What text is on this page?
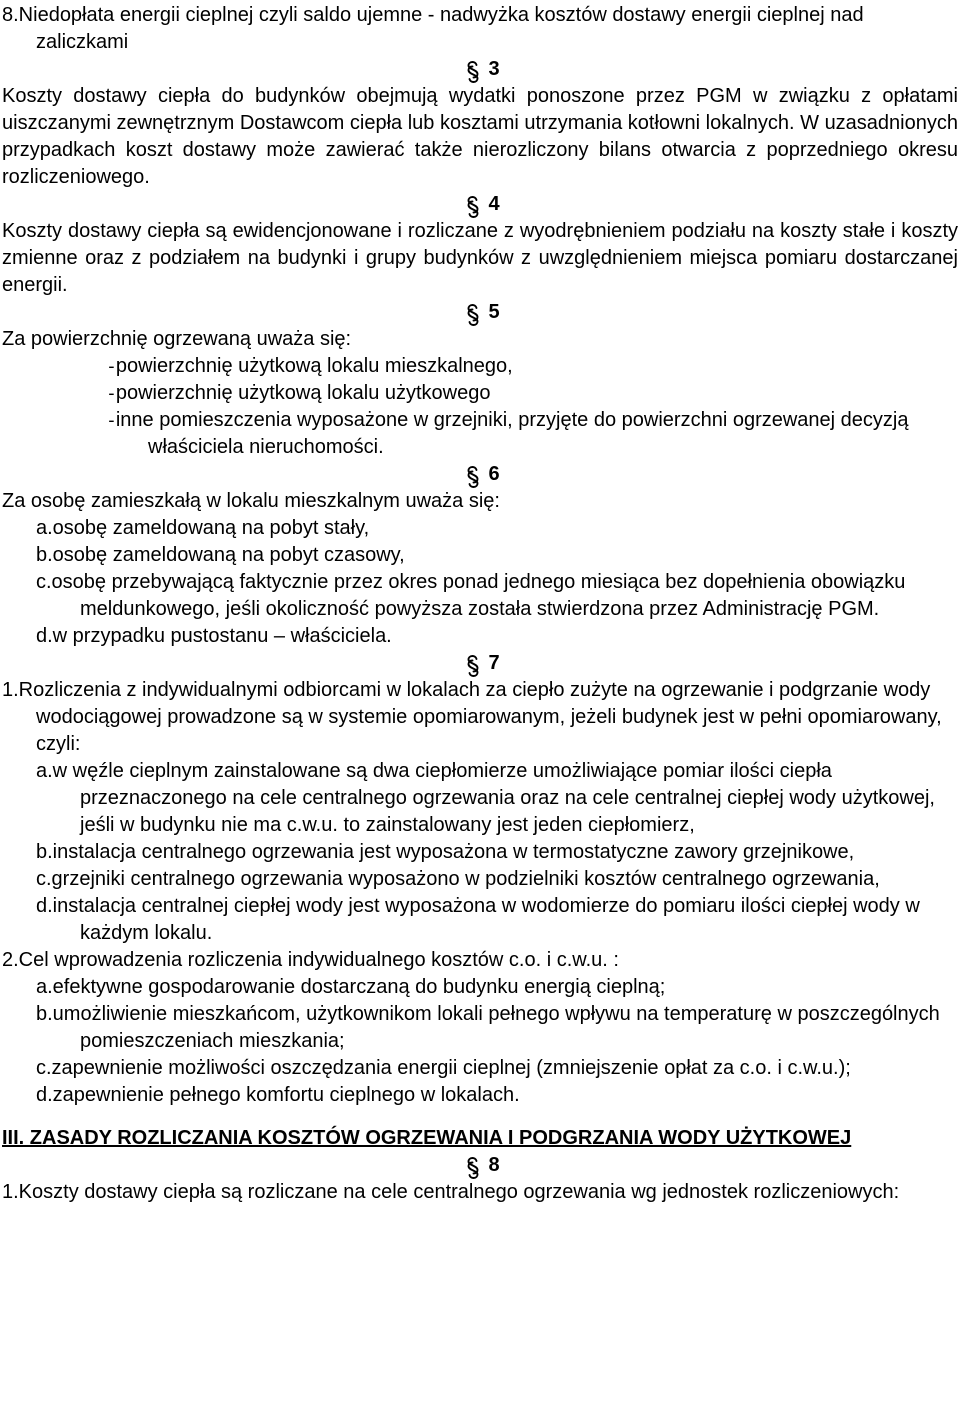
8.Niedopłata energii cieplnej czyli saldo ujemne - nadwyżka kosztów dostawy energii cieplnej nad zaliczkami
3
Koszty dostawy ciepła do budynków obejmują wydatki ponoszone przez PGM w związku z opłatami uiszczanymi zewnętrznym Dostawcom ciepła lub kosztami utrzymania kotłowni lokalnych. W uzasadnionych przypadkach koszt dostawy może zawierać także nierozliczony bilans otwarcia z poprzedniego okresu rozliczeniowego.
4
Koszty dostawy ciepła są ewidencjonowane i rozliczane z wyodrębnieniem podziału na koszty stałe i koszty zmienne oraz z podziałem na budynki i grupy budynków z uwzględnieniem miejsca pomiaru dostarczanej energii.
5
Za powierzchnię ogrzewaną uważa się:
-powierzchnię użytkową lokalu mieszkalnego,
-powierzchnię użytkową lokalu użytkowego
-inne pomieszczenia wyposażone w grzejniki, przyjęte do powierzchni ogrzewanej decyzją właściciela nieruchomości.
6
Za osobę zamieszkałą w lokalu mieszkalnym uważa się:
a.osobę zameldowaną na pobyt stały,
b.osobę zameldowaną na pobyt czasowy,
c.osobę przebywającą faktycznie przez okres ponad jednego miesiąca bez dopełnienia obowiązku meldunkowego, jeśli okoliczność powyższa została stwierdzona przez Administrację PGM.
d.w przypadku pustostanu – właściciela.
7
1.Rozliczenia z indywidualnymi odbiorcami w lokalach za ciepło zużyte na ogrzewanie i podgrzanie wody wodociągowej prowadzone są w systemie opomiarowanym, jeżeli budynek jest w pełni opomiarowany, czyli:
a.w węźle cieplnym zainstalowane są dwa ciepłomierze umożliwiające pomiar ilości ciepła przeznaczonego na cele centralnego ogrzewania oraz na cele centralnej ciepłej wody użytkowej, jeśli w budynku nie ma c.w.u. to zainstalowany jest jeden ciepłomierz,
b.instalacja centralnego ogrzewania jest wyposażona w termostatyczne zawory grzejnikowe,
c.grzejniki centralnego ogrzewania wyposażono w podzielniki kosztów centralnego ogrzewania,
d.instalacja centralnej ciepłej wody jest wyposażona w wodomierze do pomiaru ilości ciepłej wody w każdym lokalu.
2.Cel wprowadzenia rozliczenia indywidualnego kosztów c.o. i c.w.u. :
a.efektywne gospodarowanie dostarczaną do budynku energią cieplną;
b.umożliwienie mieszkańcom, użytkownikom lokali pełnego wpływu na temperaturę w poszczególnych pomieszczeniach mieszkania;
c.zapewnienie możliwości oszczędzania energii cieplnej (zmniejszenie opłat za c.o. i c.w.u.);
d.zapewnienie pełnego komfortu cieplnego w lokalach.
III. ZASADY ROZLICZANIA KOSZTÓW OGRZEWANIA I PODGRZANIA WODY UŻYTKOWEJ
8
1.Koszty dostawy ciepła są rozliczane na cele centralnego ogrzewania wg jednostek rozliczeniowych:
